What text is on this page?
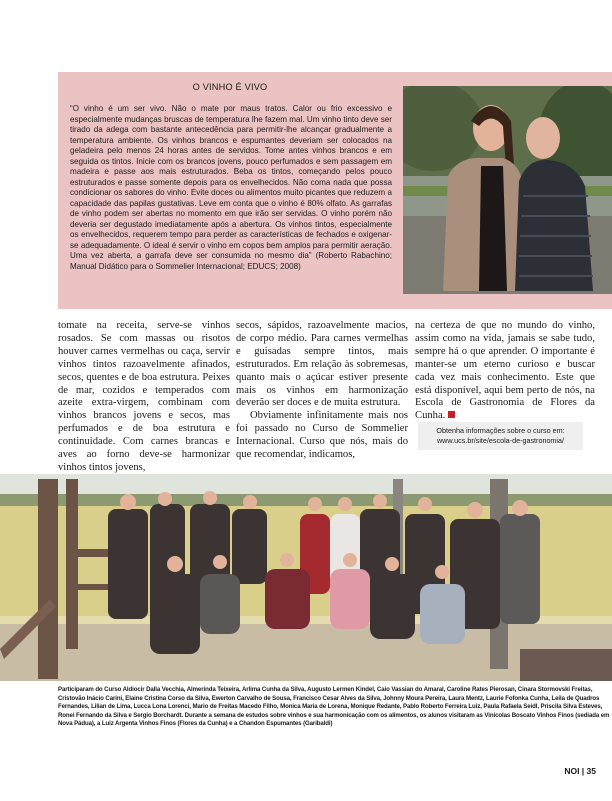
O VINHO É VIVO

“O vinho é um ser vivo. Não o mate por maus tratos. Calor ou frio excessivo e especialmente mudanças bruscas de temperatura lhe fazem mal. Um vinho tinto deve ser tirado da adega com bastante antecedência para permitir-lhe alcançar gradualmente a temperatura ambiente. Os vinhos brancos e espumantes deveriam ser colocados na geladeira pelo menos 24 horas antes de servidos. Tome antes vinhos brancos e em seguida os tintos. Inicie com os brancos jovens, pouco perfumados e sem passagem em madeira e passe aos mais estruturados. Beba os tintos, começando pelos pouco estruturados e passe somente depois para os envelhecidos. Não coma nada que possa condicionar os sabores do vinho. Evite doces ou alimentos muito picantes que reduzem a capacidade das papilas gustativas. Leve em conta que o vinho é 80% olfato. As garrafas de vinho podem ser abertas no momento em que irão ser servidas. O vinho porém não deveria ser degustado imediatamente após a abertura. Os vinhos tintos, especialmente os envelhecidos, requerem tempo para perder as características de fechados e oxigenar-se adequadamente. O ideal é servir o vinho em copos bem amplos para permitir aeração. Uma vez aberta, a garrafa deve ser consumida no mesmo dia” (Roberto Rabachino; Manual Didático para o Sommelier Internacional; EDUCS; 2008)

tomate na receita, serve-se vinhos rosados. Se com massas ou risotos houver carnes vermelhas ou caça, servir vinhos tintos razoavelmente afinados, secos, quentes e de boa estrutura. Peixes de mar, cozidos e temperados com azeite extra-virgem, combinam com vinhos brancos jovens e secos, mas perfumados e de boa estrutura e continuidade. Com carnes brancas e aves ao forno deve-se harmonizar vinhos tintos jovens,

secos, sápidos, razoavelmente macios, de corpo médio. Para carnes vermelhas e guisadas sempre tintos, mais estruturados. Em relação às sobremesas, quanto mais o açúcar estiver presente mais os vinhos em harmonização deverão ser doces e de muita estrutura.

Obviamente infinitamente mais nos foi passado no Curso de Sommelier Internacional. Curso que nós, mais do que recomendar, indicamos,

na certeza de que no mundo do vinho, assim como na vida, jamais se sabe tudo, sempre há o que aprender. O importante é manter-se um eterno curioso e buscar cada vez mais conhecimento. Este que está disponível, aqui bem perto de nós, na Escola de Gastronomia de Flores da Cunha.

Obtenha informações sobre o curso em:
www.ucs.br/site/escola-de-gastronomia/

Participaram do Curso Aldiocir Dalla Vecchia, Almerinda Teixeira, Arlima Cunha da Silva, Augusto Lermen Kindel, Caio Vassian do Amaral, Caroline Rates Pierosan, Cinara Stormovski Freitas, Cristovão Inácio Carini, Elaine Cristina Corso da Silva, Ewerton Carvalho de Sousa, Francisco Cesar Alves da Silva, Johnny Moura Pereira, Laura Mentz, Laurie Fofonka Cunha, Leila de Quadros Fernandes, Lilian de Lima, Lucca Lona Lorenci, Mario de Freitas Macedo Filho, Monica Maria de Lorena, Monique Redante, Pablo Roberto Ferreira Luiz, Paula Rafaela Seidl, Priscila Silva Esteves, Ronei Fernando da Silva e Sergio Borchardt. Durante a semana de estudos sobre vinhos e sua harmonicação com os alimentos, os alunos visitaram as Vinícolas Boscato Vinhos Finos (sediada em Nova Pádua), a Luiz Argenta Vinhos Finos (Flores da Cunha) e a Chandon Espumantes (Garibaldi)

NOI | 35
